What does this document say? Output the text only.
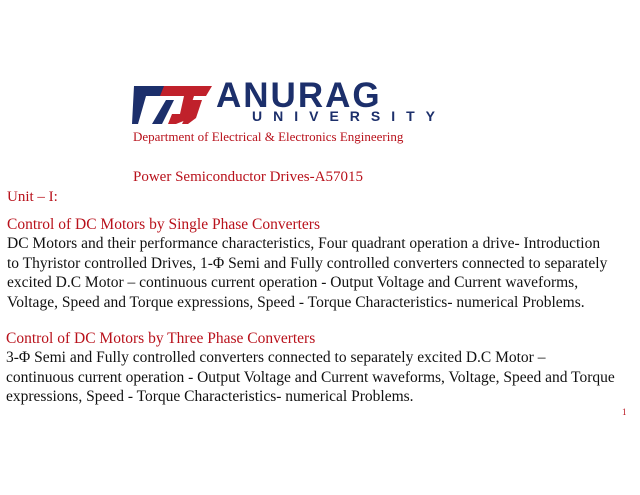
ANURAG
UNIVERSITY
Department of Electrical & Electronics Engineering
Power Semiconductor Drives-A57015
Unit – I:
Control of DC Motors by Single Phase Converters
DC Motors and their performance characteristics, Four quadrant operation a drive- Introduction
to Thyristor controlled Drives, 1-Φ Semi and Fully controlled converters connected to separately
excited D.C Motor – continuous current operation - Output Voltage and Current waveforms,
Voltage, Speed and Torque expressions, Speed - Torque Characteristics- numerical Problems.
Control of DC Motors by Three Phase Converters
3-Φ Semi and Fully controlled converters connected to separately excited D.C Motor –
continuous current operation - Output Voltage and Current waveforms, Voltage, Speed and Torque
expressions, Speed - Torque Characteristics- numerical Problems.
1
